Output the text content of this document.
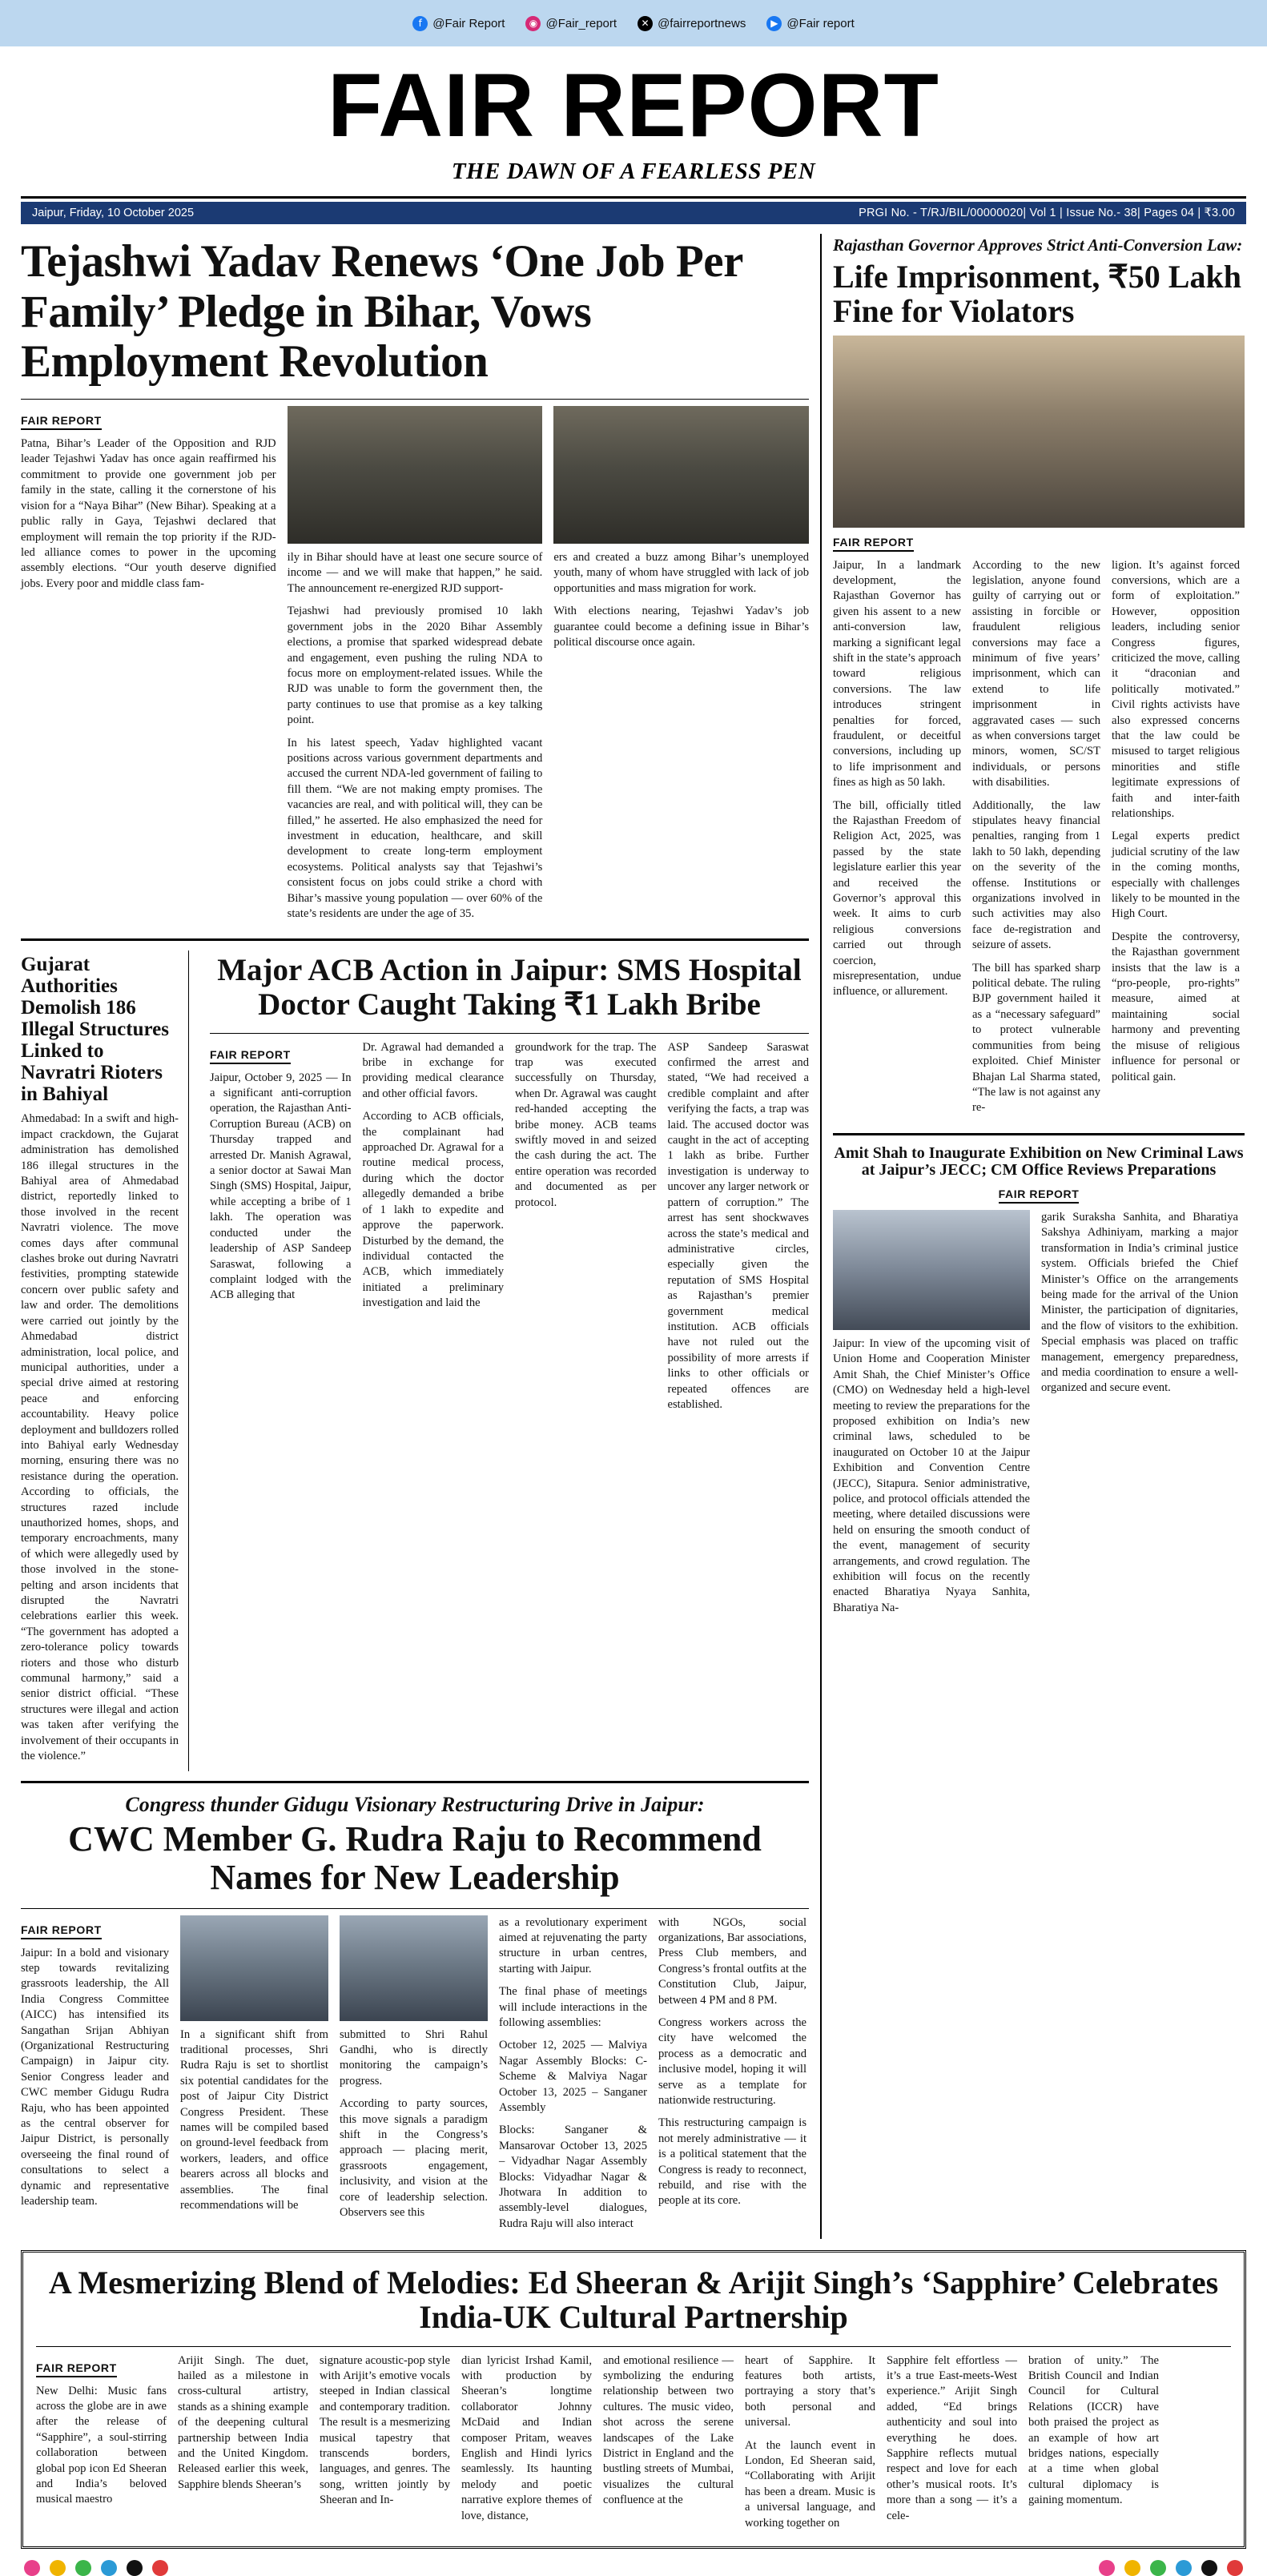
f @Fair Report	◉ @Fair_report	✕ @fairreportnews	▶ @Fair report
FAIR REPORT
THE DAWN OF A FEARLESS PEN
Jaipur, Friday, 10 October 2025	PRGI No. - T/RJ/BIL/00000020| Vol 1 | Issue No.- 38| Pages 04 | ₹3.00
Tejashwi Yadav Renews ‘One Job Per Family’ Pledge in Bihar, Vows Employment Revolution
FAIR REPORT

Patna, Bihar’s Leader of the Opposition and RJD leader Tejashwi Yadav has once again reaffirmed his commitment to provide one government job per family in the state, calling it the cornerstone of his vision for a “Naya Bihar” (New Bihar). Speaking at a public rally in Gaya, Tejashwi declared that employment will remain the top priority if the RJD-led alliance comes to power in the upcoming assembly elections. “Our youth deserve dignified jobs. Every poor and middle class fam-

ily in Bihar should have at least one secure source of income — and we will make that happen,” he said. The announcement re-energized RJD support-

ers and created a buzz among Bihar’s unemployed youth, many of whom have struggled with lack of job opportunities and mass migration for work.

Tejashwi had previously promised 10 lakh government jobs in the 2020 Bihar Assembly elections, a promise that sparked widespread debate and engagement, even pushing the ruling NDA to focus more on employment-related issues. While the RJD was unable to form the government then, the party continues to use that promise as a key talking point.

In his latest speech, Yadav highlighted vacant positions across various government departments and accused the current NDA-led government of failing to fill them. “We are not making empty promises. The vacancies are real, and with political will, they can be filled,” he asserted. He also emphasized the need for investment in education, healthcare, and skill development to create long-term employment ecosystems. Political analysts say that Tejashwi’s consistent focus on jobs could strike a chord with Bihar’s massive young population — over 60% of the state’s residents are under the age of 35.

With elections nearing, Tejashwi Yadav’s job guarantee could become a defining issue in Bihar’s political discourse once again.

Gujarat Authorities Demolish 186 Illegal Structures Linked to Navratri Rioters in Bahiyal

Ahmedabad: In a swift and high-impact crackdown, the Gujarat administration has demolished 186 illegal structures in the Bahiyal area of Ahmedabad district, reportedly linked to those involved in the recent Navratri violence. The move comes days after communal clashes broke out during Navratri festivities, prompting statewide concern over public safety and law and order. The demolitions were carried out jointly by the Ahmedabad district administration, local police, and municipal authorities, under a special drive aimed at restoring peace and enforcing accountability. Heavy police deployment and bulldozers rolled into Bahiyal early Wednesday morning, ensuring there was no resistance during the operation. According to officials, the structures razed include unauthorized homes, shops, and temporary encroachments, many of which were allegedly used by those involved in the stone-pelting and arson incidents that disrupted the Navratri celebrations earlier this week. “The government has adopted a zero-tolerance policy towards rioters and those who disturb communal harmony,” said a senior district official. “These structures were illegal and action was taken after verifying the involvement of their occupants in the violence.”

Major ACB Action in Jaipur: SMS Hospital Doctor Caught Taking ₹1 Lakh Bribe
FAIR REPORT

Jaipur, October 9, 2025 — In a significant anti-corruption operation, the Rajasthan Anti-Corruption Bureau (ACB) on Thursday trapped and arrested Dr. Manish Agrawal, a senior doctor at Sawai Man Singh (SMS) Hospital, Jaipur, while accepting a bribe of 1 lakh. The operation was conducted under the leadership of ASP Sandeep Saraswat, following a complaint lodged with the ACB alleging that

Dr. Agrawal had demanded a bribe in exchange for providing medical clearance and other official favors.

According to ACB officials, the complainant had approached Dr. Agrawal for a routine medical process, during which the doctor allegedly demanded a bribe of 1 lakh to expedite and approve the paperwork. Disturbed by the demand, the individual contacted the ACB, which immediately initiated a preliminary investigation and laid the

groundwork for the trap. The trap was executed successfully on Thursday, when Dr. Agrawal was caught red-handed accepting the bribe money. ACB teams swiftly moved in and seized the cash during the act. The entire operation was recorded and documented as per protocol.

ASP Sandeep Saraswat confirmed the arrest and stated, “We had received a credible complaint and after verifying the facts, a trap was laid. The accused doctor was caught in the act of accepting 1 lakh as bribe. Further investigation is underway to uncover any larger network or pattern of corruption.” The arrest has sent shockwaves across the state’s medical and administrative circles, especially given the reputation of SMS Hospital as Rajasthan’s premier government medical institution. ACB officials have not ruled out the possibility of more arrests if links to other officials or repeated offences are established.

Congress thunder Gidugu Visionary Restructuring Drive in Jaipur:
CWC Member G. Rudra Raju to Recommend Names for New Leadership
FAIR REPORT

Jaipur: In a bold and visionary step towards revitalizing grassroots leadership, the All India Congress Committee (AICC) has intensified its Sangathan Srijan Abhiyan (Organizational Restructuring Campaign) in Jaipur city. Senior Congress leader and CWC member Gidugu Rudra Raju, who has been appointed as the central observer for Jaipur District, is personally overseeing the final round of consultations to select a dynamic and representative leadership team.

In a significant shift from traditional processes, Shri Rudra Raju is set to shortlist six potential candidates for the post of Jaipur City District Congress President. These names will be compiled based on ground-level feedback from workers, leaders, and office bearers across all blocks and assemblies. The final recommendations will be

submitted to Shri Rahul Gandhi, who is directly monitoring the campaign’s progress.

According to party sources, this move signals a paradigm shift in the Congress’s approach — placing merit, grassroots engagement, inclusivity, and vision at the core of leadership selection. Observers see this

as a revolutionary experiment aimed at rejuvenating the party structure in urban centres, starting with Jaipur.

The final phase of meetings will include interactions in the following assemblies:

October 12, 2025 — Malviya Nagar Assembly Blocks: C-Scheme & Malviya Nagar October 13, 2025 – Sanganer Assembly

Blocks: Sanganer & Mansarovar October 13, 2025 – Vidyadhar Nagar Assembly Blocks: Vidyadhar Nagar & Jhotwara In addition to assembly-level dialogues, Rudra Raju will also interact

with NGOs, social organizations, Bar associations, Press Club members, and Congress’s frontal outfits at the Constitution Club, Jaipur, between 4 PM and 8 PM.

Congress workers across the city have welcomed the process as a democratic and inclusive model, hoping it will serve as a template for nationwide restructuring.

This restructuring campaign is not merely administrative — it is a political statement that the Congress is ready to reconnect, rebuild, and rise with the people at its core.

Rajasthan Governor Approves Strict Anti-Conversion Law:
Life Imprisonment, ₹50 Lakh Fine for Violators
FAIR REPORT

Jaipur, In a landmark development, the Rajasthan Governor has given his assent to a new anti-conversion law, marking a significant legal shift in the state’s approach toward religious conversions. The law introduces stringent penalties for forced, fraudulent, or deceitful conversions, including up to life imprisonment and fines as high as 50 lakh.

The bill, officially titled the Rajasthan Freedom of Religion Act, 2025, was passed by the state legislature earlier this year and received the Governor’s approval this week. It aims to curb religious conversions carried out through coercion, misrepresentation, undue influence, or allurement.

According to the new legislation, anyone found guilty of carrying out or assisting in forcible or fraudulent religious conversions may face a minimum of five years’ imprisonment, which can extend to life imprisonment in aggravated cases — such as when conversions target minors, women, SC/ST individuals, or persons with disabilities.

Additionally, the law stipulates heavy financial penalties, ranging from 1 lakh to 50 lakh, depending on the severity of the offense. Institutions or organizations involved in such activities may also face de-registration and seizure of assets.

The bill has sparked sharp political debate. The ruling BJP government hailed it as a “necessary safeguard” to protect vulnerable communities from being exploited. Chief Minister Bhajan Lal Sharma stated, “The law is not against any re-

ligion. It’s against forced conversions, which are a form of exploitation.” However, opposition leaders, including senior Congress figures, criticized the move, calling it “draconian and politically motivated.” Civil rights activists have also expressed concerns that the law could be misused to target religious minorities and stifle legitimate expressions of faith and inter-faith relationships.

Legal experts predict judicial scrutiny of the law in the coming months, especially with challenges likely to be mounted in the High Court.

Despite the controversy, the Rajasthan government insists that the law is a “pro-people, pro-rights” measure, aimed at maintaining social harmony and preventing the misuse of religious influence for personal or political gain.

Amit Shah to Inaugurate Exhibition on New Criminal Laws at Jaipur’s JECC; CM Office Reviews Preparations
FAIR REPORT

Jaipur: In view of the upcoming visit of Union Home and Cooperation Minister Amit Shah, the Chief Minister’s Office (CMO) on Wednesday held a high-level meeting to review the preparations for the proposed exhibition on India’s new criminal laws, scheduled to be inaugurated on October 10 at the Jaipur Exhibition and Convention Centre (JECC), Sitapura. Senior administrative, police, and protocol officials attended the meeting, where detailed discussions were held on ensuring the smooth conduct of the event, management of security arrangements, and crowd regulation. The exhibition will focus on the recently enacted Bharatiya Nyaya Sanhita, Bharatiya Na-

garik Suraksha Sanhita, and Bharatiya Sakshya Adhiniyam, marking a major transformation in India’s criminal justice system. Officials briefed the Chief Minister’s Office on the arrangements being made for the arrival of the Union Minister, the participation of dignitaries, and the flow of visitors to the exhibition. Special emphasis was placed on traffic management, emergency preparedness, and media coordination to ensure a well-organized and secure event.

A Mesmerizing Blend of Melodies: Ed Sheeran & Arijit Singh’s ‘Sapphire’ Celebrates India-UK Cultural Partnership
FAIR REPORT

New Delhi: Music fans across the globe are in awe after the release of “Sapphire”, a soul-stirring collaboration between global pop icon Ed Sheeran and India’s beloved musical maestro

Arijit Singh. The duet, hailed as a milestone in cross-cultural artistry, stands as a shining example of the deepening cultural partnership between India and the United Kingdom. Released earlier this week, Sapphire blends Sheeran’s

signature acoustic-pop style with Arijit’s emotive vocals steeped in Indian classical and contemporary tradition. The result is a mesmerizing musical tapestry that transcends borders, languages, and genres. The song, written jointly by Sheeran and In-

dian lyricist Irshad Kamil, with production by Sheeran’s longtime collaborator Johnny McDaid and Indian composer Pritam, weaves English and Hindi lyrics seamlessly. Its haunting melody and poetic narrative explore themes of love, distance,

and emotional resilience — symbolizing the enduring relationship between two cultures. The music video, shot across the serene landscapes of the Lake District in England and the bustling streets of Mumbai, visualizes the cultural confluence at the

heart of Sapphire. It features both artists, portraying a story that’s both personal and universal.

At the launch event in London, Ed Sheeran said, “Collaborating with Arijit has been a dream. Music is a universal language, and working together on

Sapphire felt effortless — it’s a true East-meets-West experience.” Arijit Singh added, “Ed brings authenticity and soul into everything he does. Sapphire reflects mutual respect and love for each other’s musical roots. It’s more than a song — it’s a cele-

bration of unity.” The British Council and Indian Council for Cultural Relations (ICCR) have both praised the project as an example of how art bridges nations, especially at a time when global cultural diplomacy is gaining momentum.
